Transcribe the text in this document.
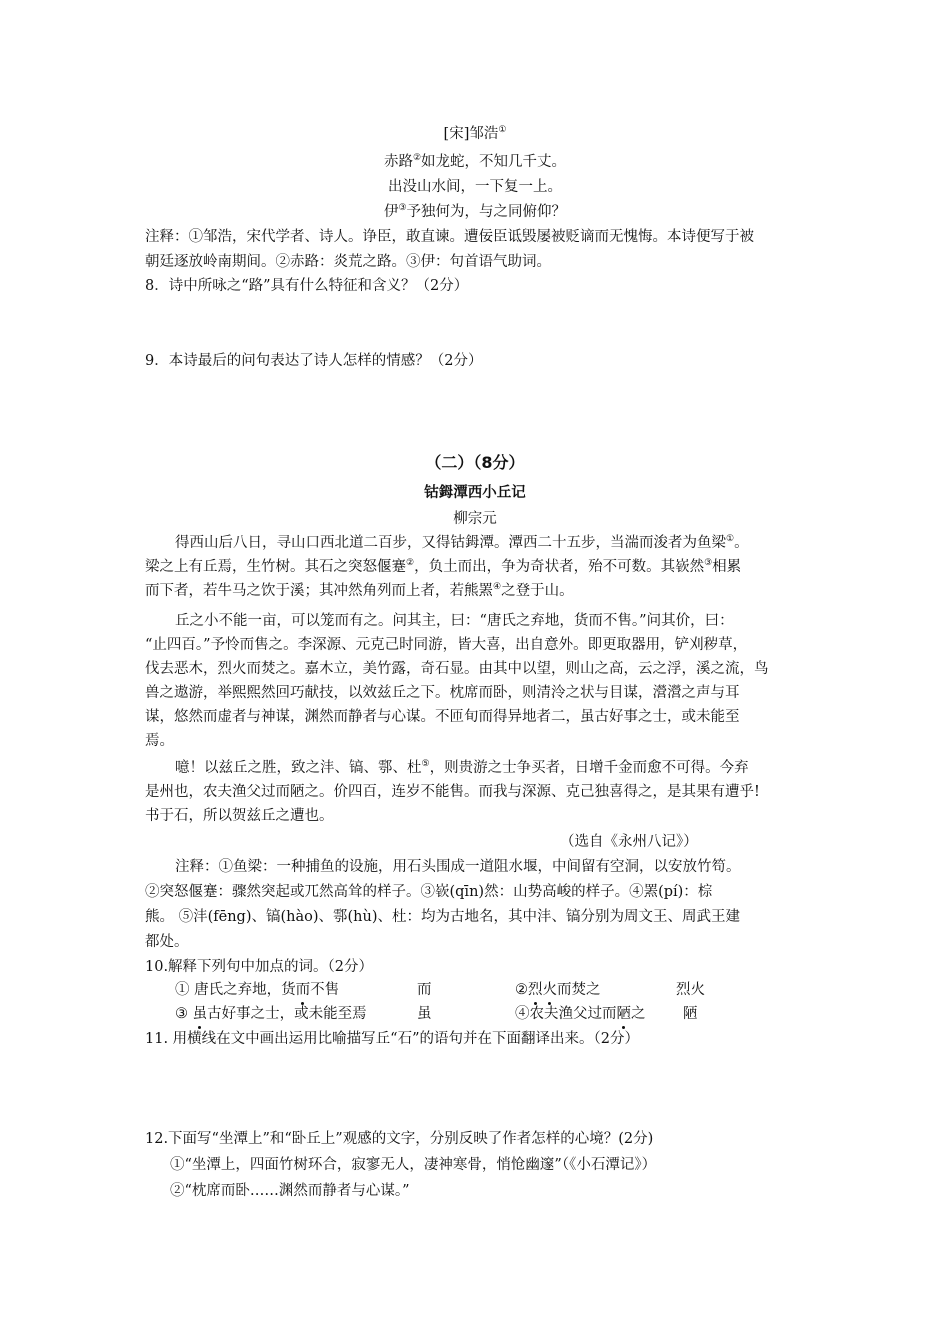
[宋]邹浩①
赤路②如龙蛇，不知几千丈。
出没山水间，一下复一上。
伊③予独何为，与之同俯仰？
注释：①邹浩，宋代学者、诗人。诤臣，敢直谏。遭佞臣诋毁屡被贬谪而无愧悔。本诗便写于被
朝廷逐放岭南期间。②赤路：炎荒之路。③伊：句首语气助词。
8．诗中所咏之“路”具有什么特征和含义？（2分）
9．本诗最后的问句表达了诗人怎样的情感？（2分）
（二）（8分）
钴鉧潭西小丘记
柳宗元
得西山后八日，寻山口西北道二百步，又得钴鉧潭。潭西二十五步，当湍而浚者为鱼梁①。
梁之上有丘焉，生竹树。其石之突怒偃蹇②，负土而出，争为奇状者，殆不可数。其嵚然③相累
而下者，若牛马之饮于溪；其冲然角列而上者，若熊罴④之登于山。
丘之小不能一亩，可以笼而有之。问其主，曰：“唐氏之弃地，货而不售。”问其价，曰：
“止四百。”予怜而售之。李深源、元克己时同游，皆大喜，出自意外。即更取器用，铲刈秽草，
伐去恶木，烈火而焚之。嘉木立，美竹露，奇石显。由其中以望，则山之高，云之浮，溪之流，鸟
兽之遨游，举熙熙然回巧献技，以效兹丘之下。枕席而卧，则清泠之状与目谋，瀯瀯之声与耳
谋，悠然而虚者与神谋，渊然而静者与心谋。不匝旬而得异地者二，虽古好事之士，或未能至
焉。
噫！以兹丘之胜，致之沣、镐、鄠、杜⑤，则贵游之士争买者，日增千金而愈不可得。今弃
是州也，农夫渔父过而陋之。价四百，连岁不能售。而我与深源、克己独喜得之，是其果有遭乎!
书于石，所以贺兹丘之遭也。
（选自《永州八记》）
注释：①鱼梁：一种捕鱼的设施，用石头围成一道阻水堰，中间留有空洞，以安放竹笱。
②突怒偃蹇：骤然突起或兀然高耸的样子。③嵚(qīn)然：山势高峻的样子。④罴(pí)：棕
熊。 ⑤沣(fēng)、镐(hào)、鄠(hù)、杜：均为古地名，其中沣、镐分别为周文王、周武王建
都处。
10.解释下列句中加点的词。（2分）
① 唐氏之弃地，货而不售	而	②烈火而焚之	烈火
③ 虽古好事之士，或未能至焉	虽	④农夫渔父过而陋之	陋
11. 用横线在文中画出运用比喻描写丘“石”的语句并在下面翻译出来。（2分）
12.下面写“坐潭上”和“卧丘上”观感的文字，分别反映了作者怎样的心境？(2分)
①“坐潭上，四面竹树环合，寂寥无人，凄神寒骨，悄怆幽邃”（《小石潭记》）
②“枕席而卧……渊然而静者与心谋。”
